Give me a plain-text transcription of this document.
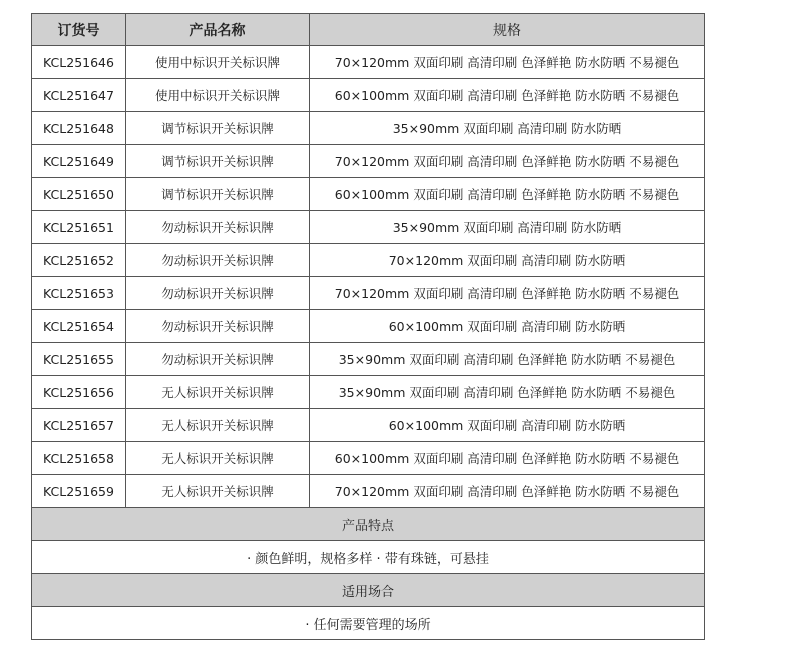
订货号	产品名称	规格
KCL251646	使用中标识开关标识牌	70×120mm 双面印刷 高清印刷 色泽鲜艳 防水防晒 不易褪色
KCL251647	使用中标识开关标识牌	60×100mm 双面印刷 高清印刷 色泽鲜艳 防水防晒 不易褪色
KCL251648	调节标识开关标识牌	35×90mm 双面印刷 高清印刷 防水防晒
KCL251649	调节标识开关标识牌	70×120mm 双面印刷 高清印刷 色泽鲜艳 防水防晒 不易褪色
KCL251650	调节标识开关标识牌	60×100mm 双面印刷 高清印刷 色泽鲜艳 防水防晒 不易褪色
KCL251651	勿动标识开关标识牌	35×90mm 双面印刷 高清印刷 防水防晒
KCL251652	勿动标识开关标识牌	70×120mm 双面印刷 高清印刷 防水防晒
KCL251653	勿动标识开关标识牌	70×120mm 双面印刷 高清印刷 色泽鲜艳 防水防晒 不易褪色
KCL251654	勿动标识开关标识牌	60×100mm 双面印刷 高清印刷 防水防晒
KCL251655	勿动标识开关标识牌	35×90mm 双面印刷 高清印刷 色泽鲜艳 防水防晒 不易褪色
KCL251656	无人标识开关标识牌	35×90mm 双面印刷 高清印刷 色泽鲜艳 防水防晒 不易褪色
KCL251657	无人标识开关标识牌	60×100mm 双面印刷 高清印刷 防水防晒
KCL251658	无人标识开关标识牌	60×100mm 双面印刷 高清印刷 色泽鲜艳 防水防晒 不易褪色
KCL251659	无人标识开关标识牌	70×120mm 双面印刷 高清印刷 色泽鲜艳 防水防晒 不易褪色
产品特点		
· 颜色鲜明，规格多样 · 带有珠链，可悬挂		
适用场合		
· 任何需要管理的场所		
